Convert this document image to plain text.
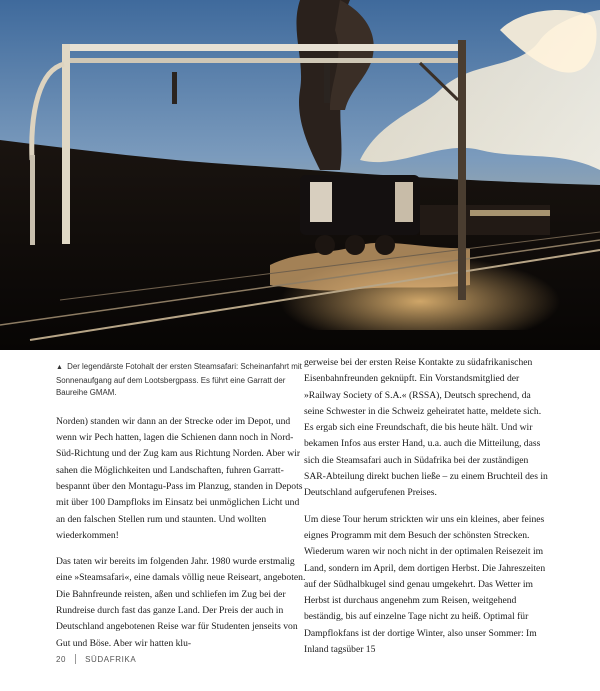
▲ Der legendärste Fotohalt der ersten Steamsafari: Scheinanfahrt mit Sonnenaufgang auf dem Lootsbergpass. Es führt eine Garratt der Baureihe GMAM.

Norden) standen wir dann an der Strecke oder im Depot, und wenn wir Pech hatten, lagen die Schienen dann noch in Nord-Süd-Richtung und der Zug kam aus Richtung Norden. Aber wir sahen die Möglichkeiten und Landschaften, fuhren Garratt-bespannt über den Montagu-Pass im Planzug, standen in Depots mit über 100 Dampfloks im Einsatz bei unmöglichen Licht und an den falschen Stellen rum und staunten. Und wollten wiederkommen!

Das taten wir bereits im folgenden Jahr. 1980 wurde erstmalig eine »Steamsafari«, eine damals völlig neue Reiseart, angeboten. Die Bahnfreunde reisten, aßen und schliefen im Zug bei der Rundreise durch fast das ganze Land. Der Preis der auch in Deutschland angebotenen Reise war für Studenten jenseits von Gut und Böse. Aber wir hatten klu-

gerweise bei der ersten Reise Kontakte zu südafrikanischen Eisenbahnfreunden geknüpft. Ein Vorstandsmitglied der »Railway Society of S.A.« (RSSA), Deutsch sprechend, da seine Schwester in die Schweiz geheiratet hatte, meldete sich. Es ergab sich eine Freundschaft, die bis heute hält. Und wir bekamen Infos aus erster Hand, u.a. auch die Mitteilung, dass sich die Steamsafari auch in Südafrika bei der zuständigen SAR-Abteilung direkt buchen ließe – zu einem Bruchteil des in Deutschland aufgerufenen Preises.

Um diese Tour herum strickten wir uns ein kleines, aber feines eignes Programm mit dem Besuch der schönsten Strecken. Wiederum waren wir noch nicht in der optimalen Reisezeit im Land, sondern im April, dem dortigen Herbst. Die Jahreszeiten auf der Südhalbkugel sind genau umgekehrt. Das Wetter im Herbst ist durchaus angenehm zum Reisen, weitgehend beständig, bis auf einzelne Tage nicht zu heiß. Optimal für Dampflokfans ist der dortige Winter, also unser Sommer: Im Inland tagsüber 15

20 SÜDAFRIKA
